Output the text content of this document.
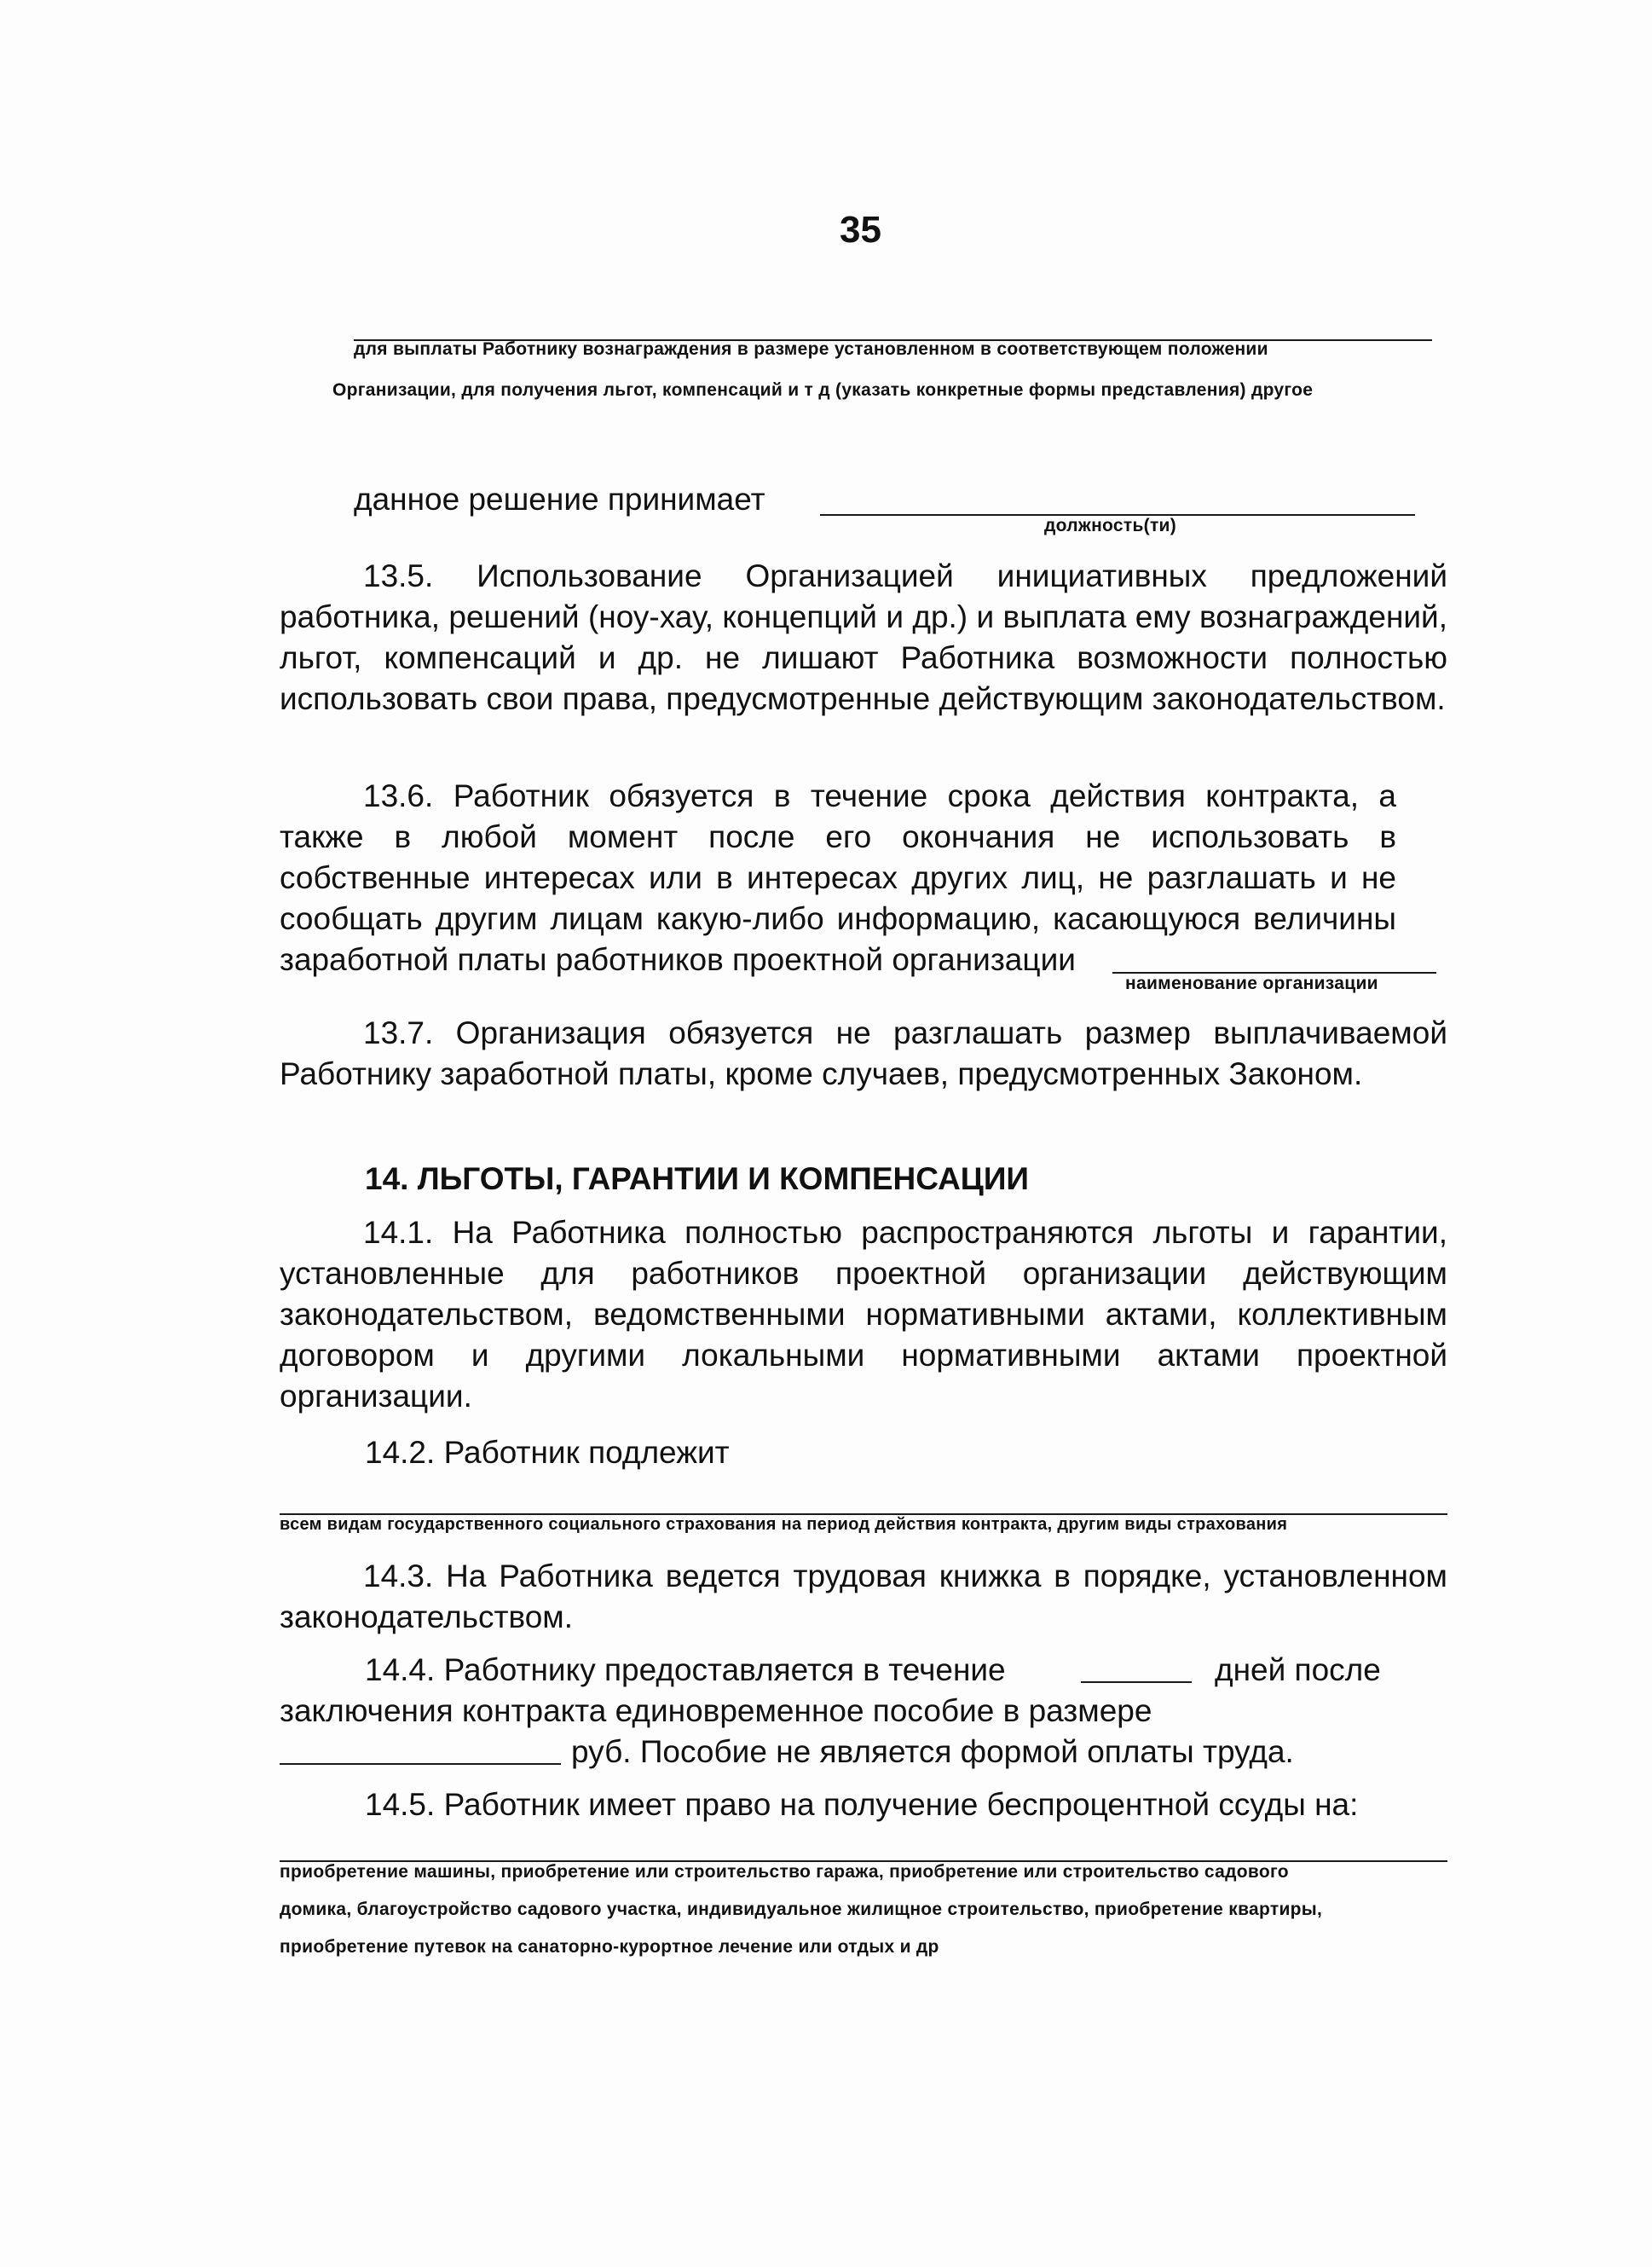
35
для выплаты Работнику вознаграждения в размере установленном в соответствующем положении
Организации, для получения льгот, компенсаций и т д (указать конкретные формы представления) другое
данное решение принимает
должность(ти)
13.5. Использование Организацией инициативных предложений работника, решений (ноу-хау, концепций и др.) и выплата ему вознаграждений, льгот, компенсаций и др. не лишают Работника возможности полностью использовать свои права, предусмотренные действующим законодательством.
13.6. Работник обязуется в течение срока действия контракта, а также в любой момент после его окончания не использовать в собственные интересах или в интересах других лиц, не разглашать и не сообщать другим лицам какую-либо информацию, касающуюся величины заработной платы работников проектной организации
наименование организации
13.7. Организация обязуется не разглашать размер выплачиваемой Работнику заработной платы, кроме случаев, предусмотренных Законом.
14. ЛЬГОТЫ, ГАРАНТИИ И КОМПЕНСАЦИИ
14.1. На Работника полностью распространяются льготы и гарантии, установленные для работников проектной организации действующим законодательством, ведомственными нормативными актами, коллективным договором и другими локальными нормативными актами проектной организации.
14.2. Работник подлежит
всем видам государственного социального страхования на период действия контракта, другим виды страхования
14.3. На Работника ведется трудовая книжка в порядке, установленном законодательством.
14.4. Работнику предоставляется в течение	дней после
заключения контракта единовременное пособие в размере
руб. Пособие не является формой оплаты труда.
14.5. Работник имеет право на получение беспроцентной ссуды на:
приобретение машины, приобретение или строительство гаража, приобретение или строительство садового
домика, благоустройство садового участка, индивидуальное жилищное строительство, приобретение квартиры,
приобретение путевок на санаторно-курортное лечение или отдых и др
